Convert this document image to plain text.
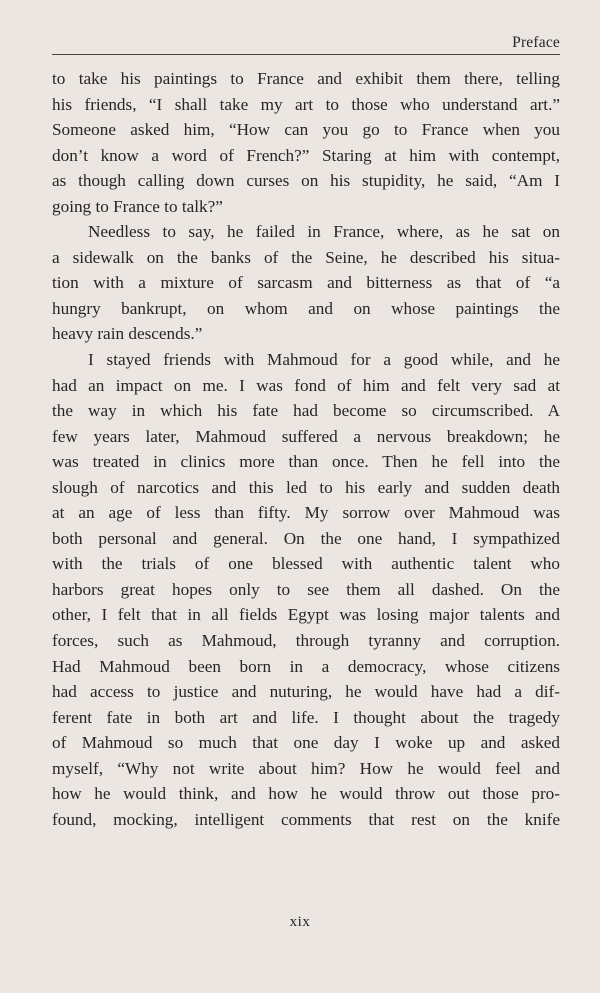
Preface
to take his paintings to France and exhibit them there, telling
his friends, “I shall take my art to those who understand art.”
Someone asked him, “How can you go to France when you
don’t know a word of French?” Staring at him with contempt,
as though calling down curses on his stupidity, he said, “Am I
going to France to talk?”
Needless to say, he failed in France, where, as he sat on
a sidewalk on the banks of the Seine, he described his situa-
tion with a mixture of sarcasm and bitterness as that of “a
hungry bankrupt, on whom and on whose paintings the
heavy rain descends.”
I stayed friends with Mahmoud for a good while, and he
had an impact on me. I was fond of him and felt very sad at
the way in which his fate had become so circumscribed. A
few years later, Mahmoud suffered a nervous breakdown; he
was treated in clinics more than once. Then he fell into the
slough of narcotics and this led to his early and sudden death
at an age of less than fifty. My sorrow over Mahmoud was
both personal and general. On the one hand, I sympathized
with the trials of one blessed with authentic talent who
harbors great hopes only to see them all dashed. On the
other, I felt that in all fields Egypt was losing major talents and
forces, such as Mahmoud, through tyranny and corruption.
Had Mahmoud been born in a democracy, whose citizens
had access to justice and nuturing, he would have had a dif-
ferent fate in both art and life. I thought about the tragedy
of Mahmoud so much that one day I woke up and asked
myself, “Why not write about him? How he would feel and
how he would think, and how he would throw out those pro-
found, mocking, intelligent comments that rest on the knife
xix
